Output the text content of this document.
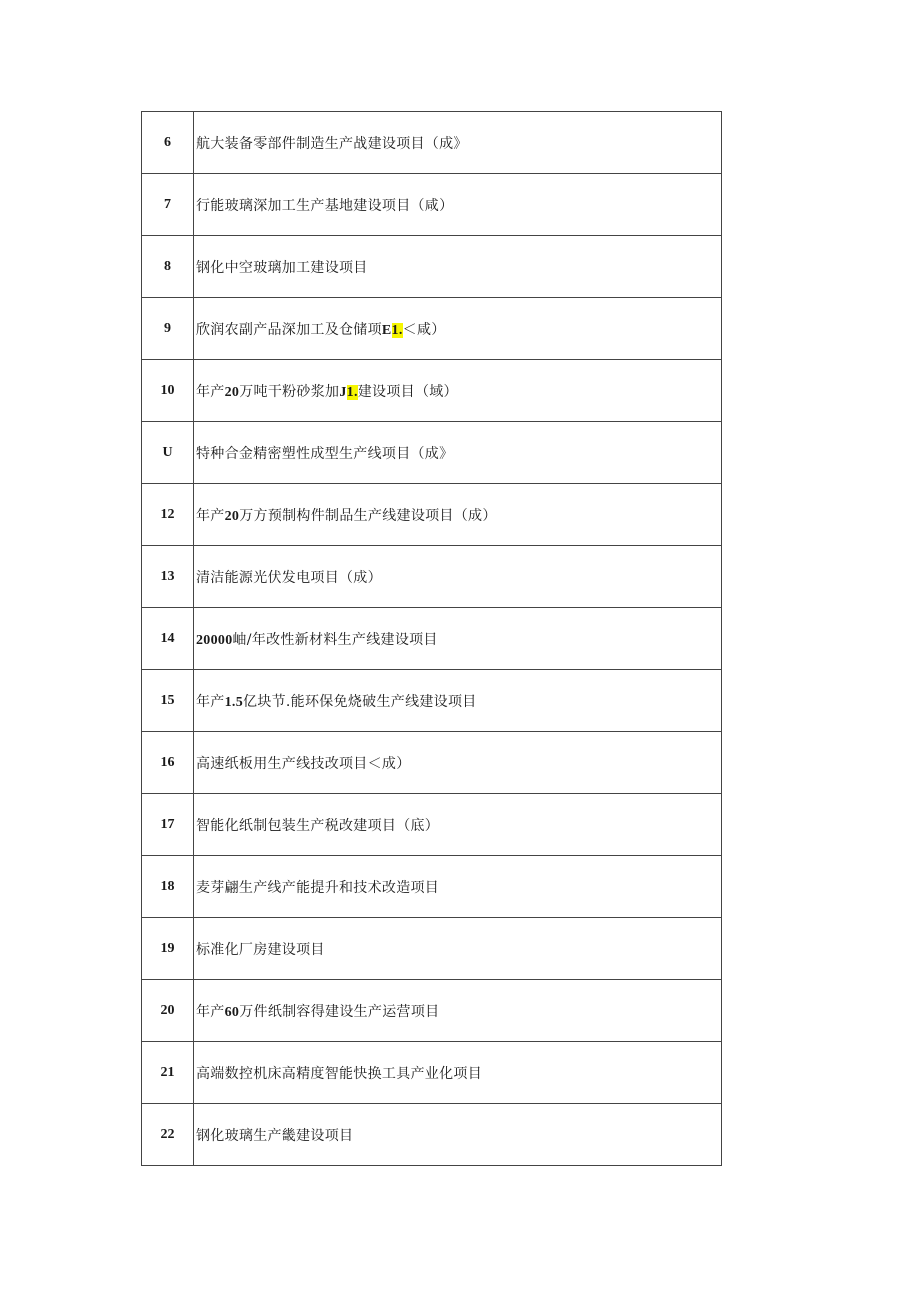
6	航大装备零部件制造生产战建设项目（成》
7	行能玻璃深加工生产基地建设项目（咸）
8	钢化中空玻璃加工建设项目
9	欣润农副产品深加工及仓储项E1.＜咸）
10	年产20万吨干粉砂浆加J1.建设项目（域）
U	特种合金精密塑性成型生产线项目（成》
12	年产20万方预制构件制品生产线建设项目（成）
13	清洁能源光伏发电项目（成）
14	20000岫/年改性新材料生产线建设项目
15	年产1.5亿块节.能环保免烧破生产线建设项目
16	高速纸板用生产线技改项目＜成）
17	智能化纸制包装生产税改建项目（底）
18	麦芽翩生产线产能提升和技术改造项目
19	标准化厂房建设项目
20	年产60万件纸制容得建设生产运营项目
21	高端数控机床高精度智能快换工具产业化项目
22	钢化玻璃生产畿建设项目
